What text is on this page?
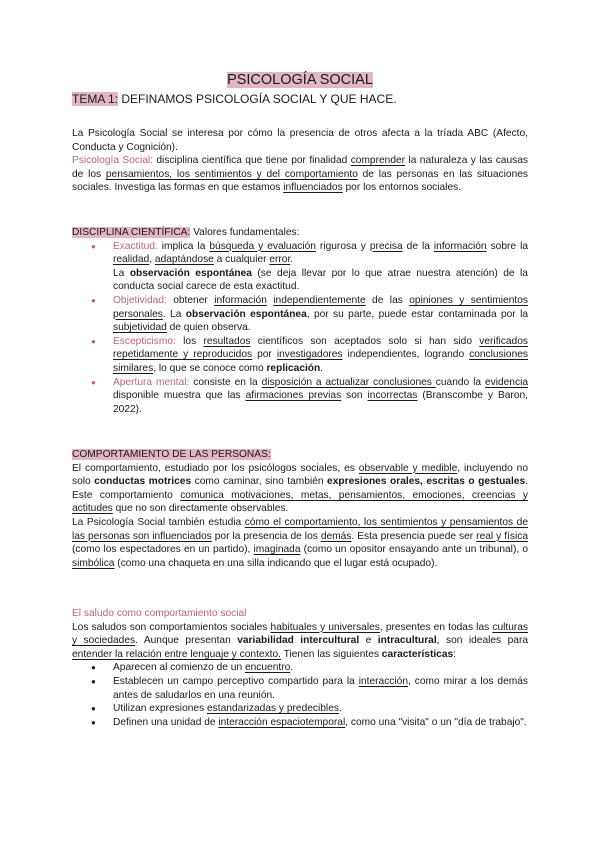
PSICOLOGÍA SOCIAL
TEMA 1: DEFINAMOS PSICOLOGÍA SOCIAL Y QUE HACE.

La Psicología Social se interesa por cómo la presencia de otros afecta a la tríada ABC (Afecto, Conducta y Cognición).

Psicología Social: disciplina científica que tiene por finalidad comprender la naturaleza y las causas de los pensamientos, los sentimientos y del comportamiento de las personas en las situaciones sociales. Investiga las formas en que estamos influenciados por los entornos sociales.

DISCIPLINA CIENTÍFICA: Valores fundamentales:

● Exactitud: implica la búsqueda y evaluación rigurosa y precisa de la información sobre la realidad, adaptándose a cualquier error.

La observación espontánea (se deja llevar por lo que atrae nuestra atención) de la conducta social carece de esta exactitud.

● Objetividad: obtener información independientemente de las opiniones y sentimientos personales. La observación espontánea, por su parte, puede estar contaminada por la subjetividad de quien observa.
● Escepticismo: los resultados científicos son aceptados solo si han sido verificados repetidamente y reproducidos por investigadores independientes, logrando conclusiones similares, lo que se conoce como replicación.
● Apertura mental: consiste en la disposición a actualizar conclusiones cuando la evidencia disponible muestra que las afirmaciones previas son incorrectas (Branscombe y Baron, 2022).

COMPORTAMIENTO DE LAS PERSONAS:

El comportamiento, estudiado por los psicólogos sociales, es observable y medible, incluyendo no solo conductas motrices como caminar, sino también expresiones orales, escritas o gestuales. Este comportamiento comunica motivaciones, metas, pensamientos, emociones, creencias y actitudes que no son directamente observables.

La Psicología Social también estudia cómo el comportamiento, los sentimientos y pensamientos de las personas son influenciados por la presencia de los demás. Esta presencia puede ser real y física (como los espectadores en un partido), imaginada (como un opositor ensayando ante un tribunal), o simbólica (como una chaqueta en una silla indicando que el lugar está ocupado).

El saludo como comportamiento social

Los saludos son comportamientos sociales habituales y universales, presentes en todas las culturas y sociedades. Aunque presentan variabilidad intercultural e intracultural, son ideales para entender la relación entre lenguaje y contexto. Tienen las siguientes características:

● Aparecen al comienzo de un encuentro.
● Establecen un campo perceptivo compartido para la interacción, como mirar a los demás antes de saludarlos en una reunión.
● Utilizan expresiones estandarizadas y predecibles.
● Definen una unidad de interacción espaciotemporal, como una "visita" o un "día de trabajo".
